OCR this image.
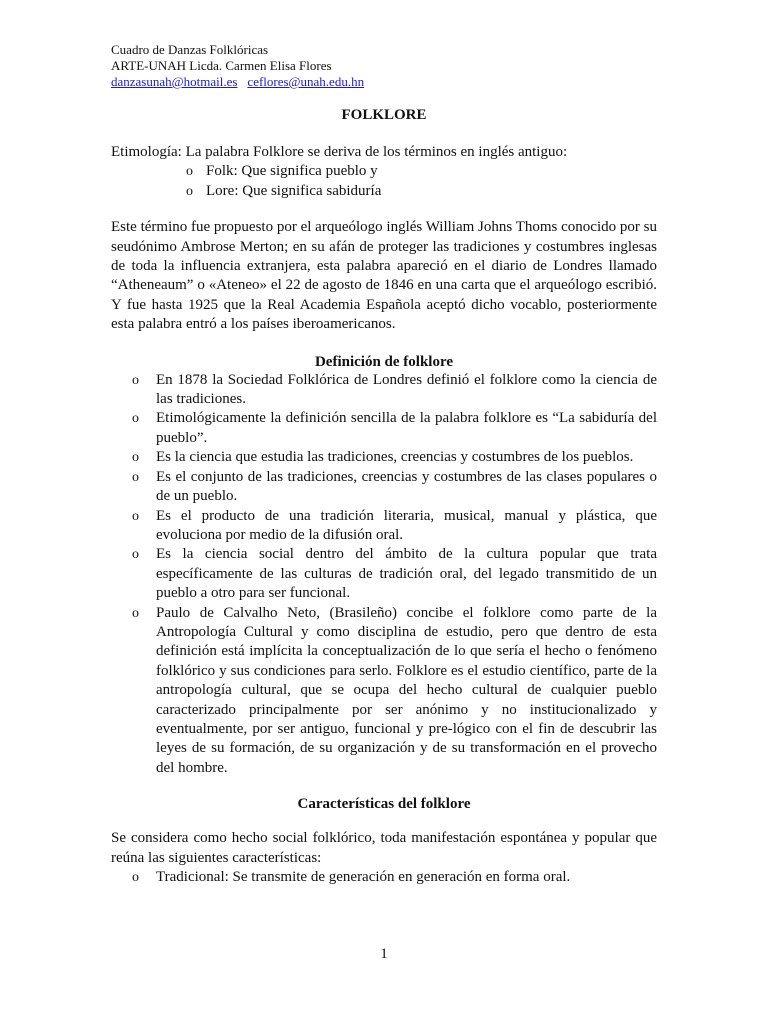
Cuadro de Danzas Folklóricas
ARTE-UNAH Licda. Carmen Elisa Flores
danzasunah@hotmail.es ceflores@unah.edu.hn
FOLKLORE

Etimología: La palabra Folklore se deriva de los términos en inglés antiguo:

o Folk: Que significa pueblo y
o Lore: Que significa sabiduría

Este término fue propuesto por el arqueólogo inglés William Johns Thoms conocido por su seudónimo Ambrose Merton; en su afán de proteger las tradiciones y costumbres inglesas de toda la influencia extranjera, esta palabra apareció en el diario de Londres llamado “Atheneaum” o «Ateneo» el 22 de agosto de 1846 en una carta que el arqueólogo escribió. Y fue hasta 1925 que la Real Academia Española aceptó dicho vocablo, posteriormente esta palabra entró a los países iberoamericanos.

Definición de folklore
o En 1878 la Sociedad Folklórica de Londres definió el folklore como la ciencia de las tradiciones.
o Etimológicamente la definición sencilla de la palabra folklore es “La sabiduría del pueblo”.
o Es la ciencia que estudia las tradiciones, creencias y costumbres de los pueblos.
o Es el conjunto de las tradiciones, creencias y costumbres de las clases populares o de un pueblo.
o Es el producto de una tradición literaria, musical, manual y plástica, que evoluciona por medio de la difusión oral.
o Es la ciencia social dentro del ámbito de la cultura popular que trata específicamente de las culturas de tradición oral, del legado transmitido de un pueblo a otro para ser funcional.
o Paulo de Calvalho Neto, (Brasileño) concibe el folklore como parte de la Antropología Cultural y como disciplina de estudio, pero que dentro de esta definición está implícita la conceptualización de lo que sería el hecho o fenómeno folklórico y sus condiciones para serlo. Folklore es el estudio científico, parte de la antropología cultural, que se ocupa del hecho cultural de cualquier pueblo caracterizado principalmente por ser anónimo y no institucionalizado y eventualmente, por ser antiguo, funcional y pre-lógico con el fin de descubrir las leyes de su formación, de su organización y de su transformación en el provecho del hombre.
Características del folklore

Se considera como hecho social folklórico, toda manifestación espontánea y popular que reúna las siguientes características:

o Tradicional: Se transmite de generación en generación en forma oral.
1
